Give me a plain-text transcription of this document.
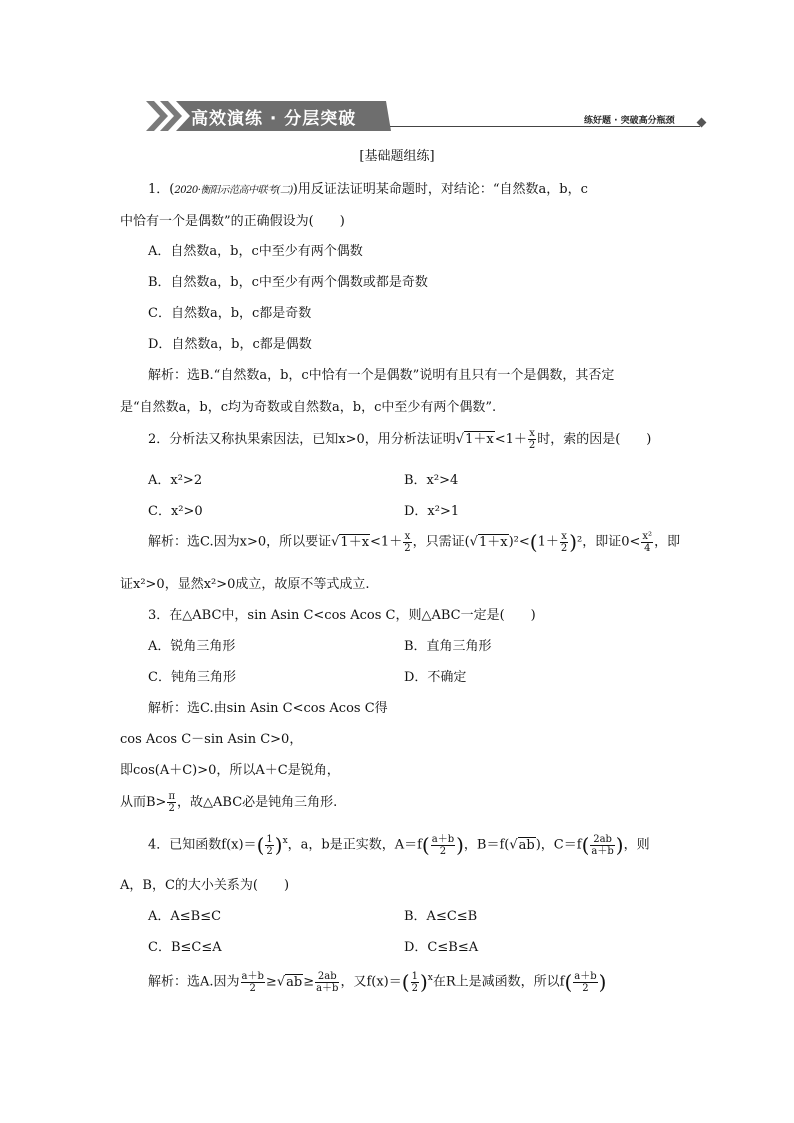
高效演练 · 分层突破	练好题 · 突破高分瓶颈
[基础题组练]
1．(2020·衡阳示范高中联考(二))用反证法证明某命题时，对结论：“自然数a，b，c
中恰有一个是偶数”的正确假设为(　　)
A．自然数a，b，c中至少有两个偶数
B．自然数a，b，c中至少有两个偶数或都是奇数
C．自然数a，b，c都是奇数
D．自然数a，b，c都是偶数
解析：选B.“自然数a，b，c中恰有一个是偶数”说明有且只有一个是偶数，其否定
是“自然数a，b，c均为奇数或自然数a，b，c中至少有两个偶数”.
2．分析法又称执果索因法，已知x>0，用分析法证明$√1+x<1+ \frac{x}{2}$ 时，索的因是(　　)
A．x²>2	B．x²>4
C．x²>0	D．x²>1
解析：选C.因为x>0，所以要证$√1+x<1+ \frac{x}{2}$ ，只需证$(√1+x)^2<(1+ \frac{x}{2} )^2$，即证$0< \frac{\text{x²}}{4}$ ，即
证x²>0，显然x²>0成立，故原不等式成立.
3．在△ABC中，sin Asin C<cos Acos C，则△ABC一定是(　　)
A．锐角三角形	B．直角三角形
C．钝角三角形	D．不确定
解析：选C.由sin Asin C<cos Acos C得
cos Acos C－sin Asin C>0，
即cos(A＋C)>0，所以A＋C是锐角，
从而$B> \frac{\pi}{2}$ ，故△ABC必是钝角三角形.
4．已知函数$f(x)=( \frac{1}{2} )^x$，a，b是正实数，$A=f( \frac{a+b}{2}$ )，B＝f(√ab)，$C=f( \frac{2ab}{a+b}$ )，则
A，B，C的大小关系为(　　)
A．A≤B≤C	B．A≤C≤B
C．B≤C≤A	D．C≤B≤A
解析：选A.因为 $\frac{a+b}{2} \ge√ab\ge \frac{2ab}{a+b}$ ，又$f(x)=( \frac{1}{2} )^x$在R上是减函数，所以$f( \frac{a+b}{2}$ )
